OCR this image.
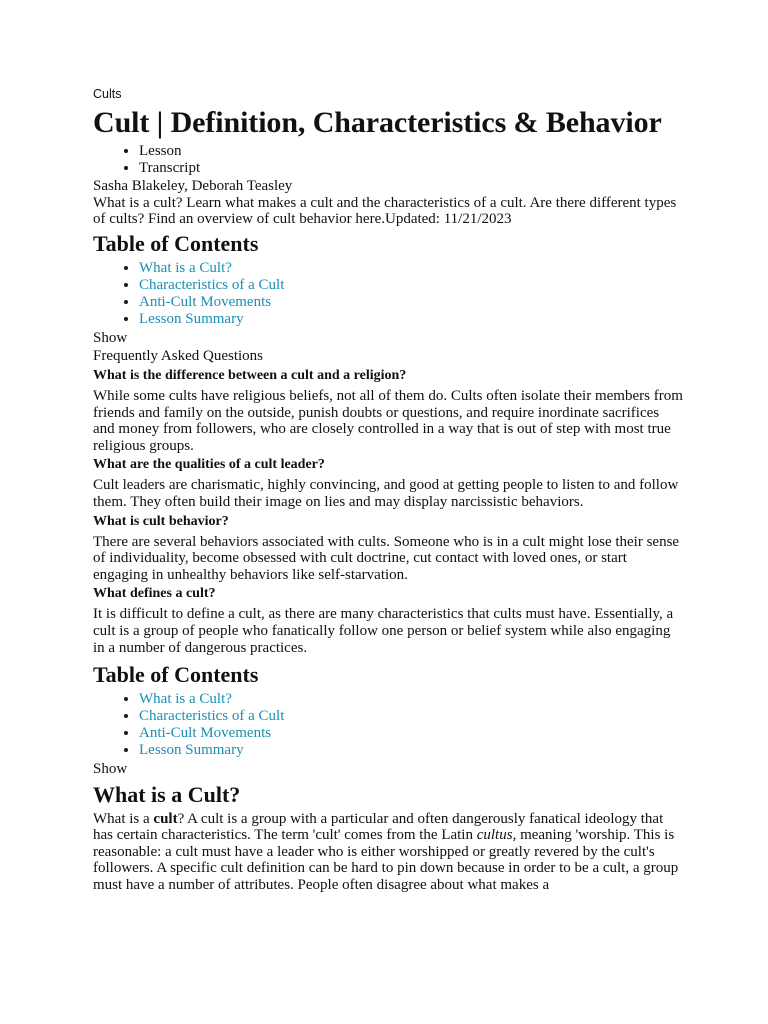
Cults
Cult | Definition, Characteristics & Behavior
• Lesson
• Transcript

Sasha Blakeley, Deborah Teasley

What is a cult? Learn what makes a cult and the characteristics of a cult. Are there different types of cults? Find an overview of cult behavior here.Updated: 11/21/2023

Table of Contents
• What is a Cult?
• Characteristics of a Cult
• Anti-Cult Movements
• Lesson Summary

Show

Frequently Asked Questions

What is the difference between a cult and a religion?

While some cults have religious beliefs, not all of them do. Cults often isolate their members from friends and family on the outside, punish doubts or questions, and require inordinate sacrifices and money from followers, who are closely controlled in a way that is out of step with most true religious groups.

What are the qualities of a cult leader?

Cult leaders are charismatic, highly convincing, and good at getting people to listen to and follow them. They often build their image on lies and may display narcissistic behaviors.

What is cult behavior?

There are several behaviors associated with cults. Someone who is in a cult might lose their sense of individuality, become obsessed with cult doctrine, cut contact with loved ones, or start engaging in unhealthy behaviors like self-starvation.

What defines a cult?

It is difficult to define a cult, as there are many characteristics that cults must have. Essentially, a cult is a group of people who fanatically follow one person or belief system while also engaging in a number of dangerous practices.

Table of Contents
• What is a Cult?
• Characteristics of a Cult
• Anti-Cult Movements
• Lesson Summary

Show

What is a Cult?

What is a cult? A cult is a group with a particular and often dangerously fanatical ideology that has certain characteristics. The term 'cult' comes from the Latin cultus, meaning 'worship. This is reasonable: a cult must have a leader who is either worshipped or greatly revered by the cult's followers. A specific cult definition can be hard to pin down because in order to be a cult, a group must have a number of attributes. People often disagree about what makes a
